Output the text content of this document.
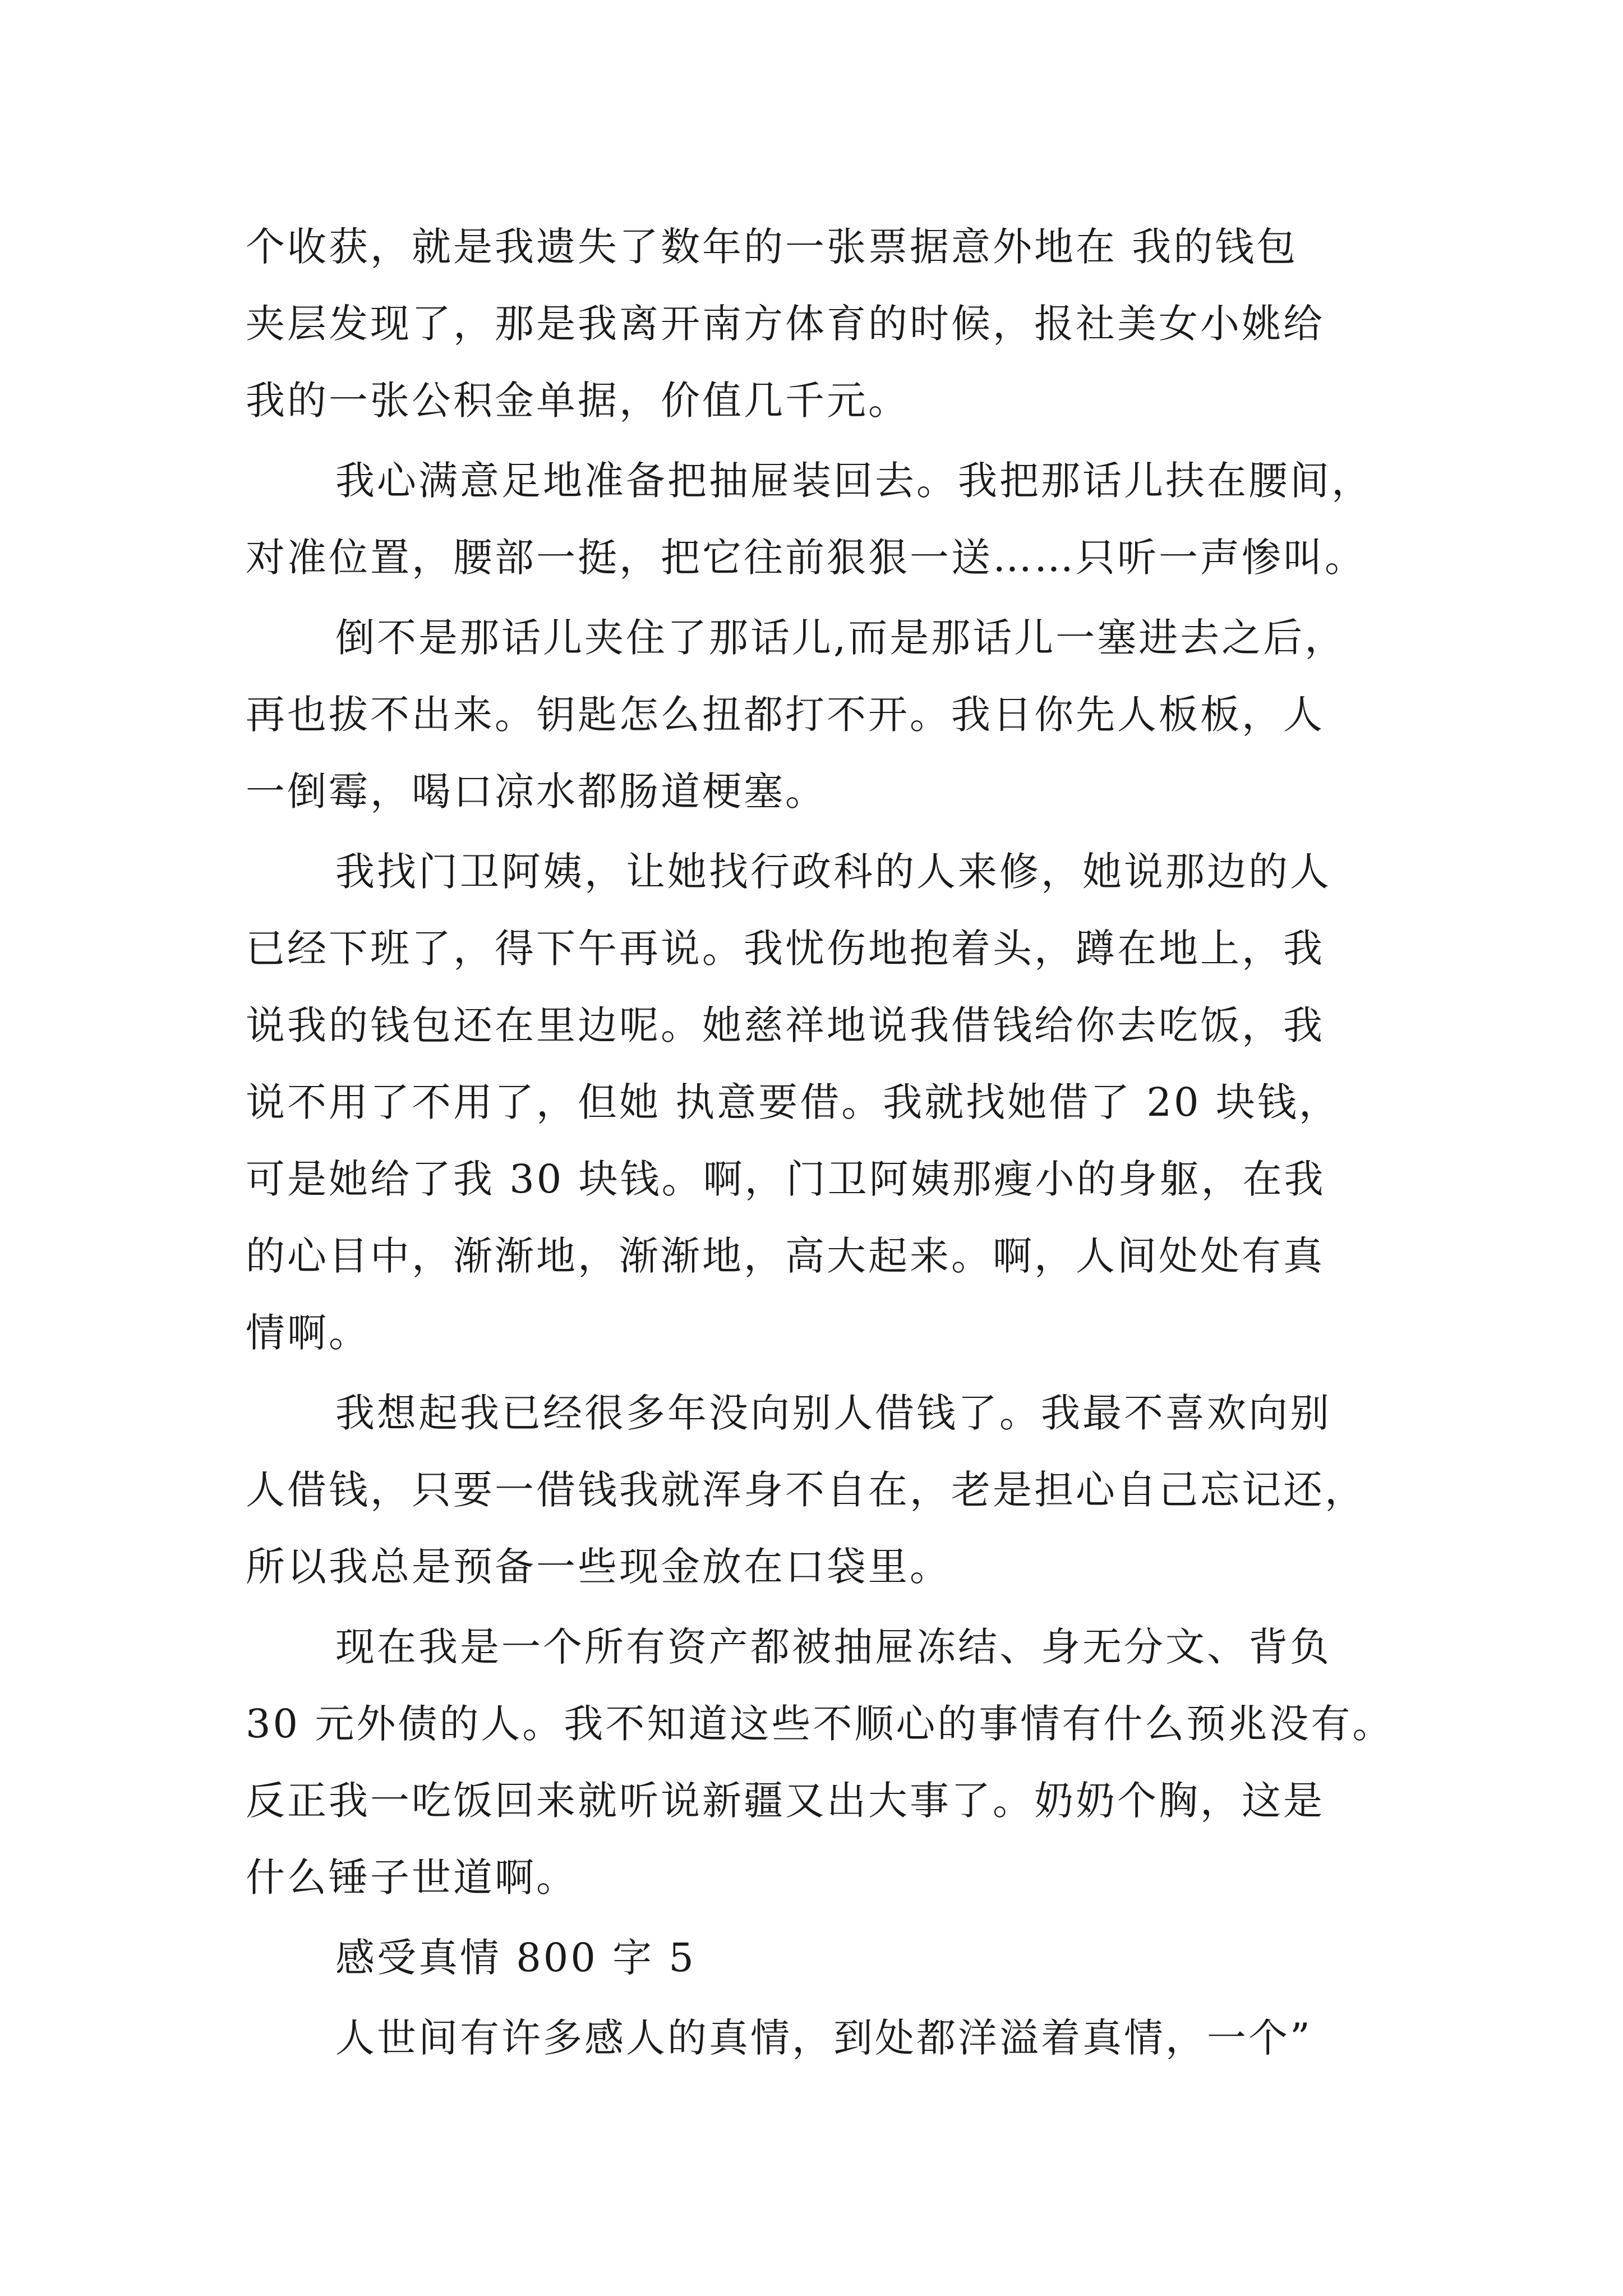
个收获，就是我遗失了数年的一张票据意外地在 我的钱包
夹层发现了，那是我离开南方体育的时候，报社美女小姚给
我的一张公积金单据，价值几千元。
我心满意足地准备把抽屉装回去。我把那话儿扶在腰间，
对准位置，腰部一挺，把它往前狠狠一送……只听一声惨叫。
倒不是那话儿夹住了那话儿,而是那话儿一塞进去之后，
再也拔不出来。钥匙怎么扭都打不开。我日你先人板板，人
一倒霉，喝口凉水都肠道梗塞。
我找门卫阿姨，让她找行政科的人来修，她说那边的人
已经下班了，得下午再说。我忧伤地抱着头，蹲在地上，我
说我的钱包还在里边呢。她慈祥地说我借钱给你去吃饭，我
说不用了不用了，但她 执意要借。我就找她借了 20 块钱，
可是她给了我 30 块钱。啊，门卫阿姨那瘦小的身躯，在我
的心目中，渐渐地，渐渐地，高大起来。啊，人间处处有真
情啊。
我想起我已经很多年没向别人借钱了。我最不喜欢向别
人借钱，只要一借钱我就浑身不自在，老是担心自己忘记还，
所以我总是预备一些现金放在口袋里。
现在我是一个所有资产都被抽屉冻结、身无分文、背负
30 元外债的人。我不知道这些不顺心的事情有什么预兆没有。
反正我一吃饭回来就听说新疆又出大事了。奶奶个胸，这是
什么锤子世道啊。
感受真情 800 字 5
人世间有许多感人的真情，到处都洋溢着真情，一个”
